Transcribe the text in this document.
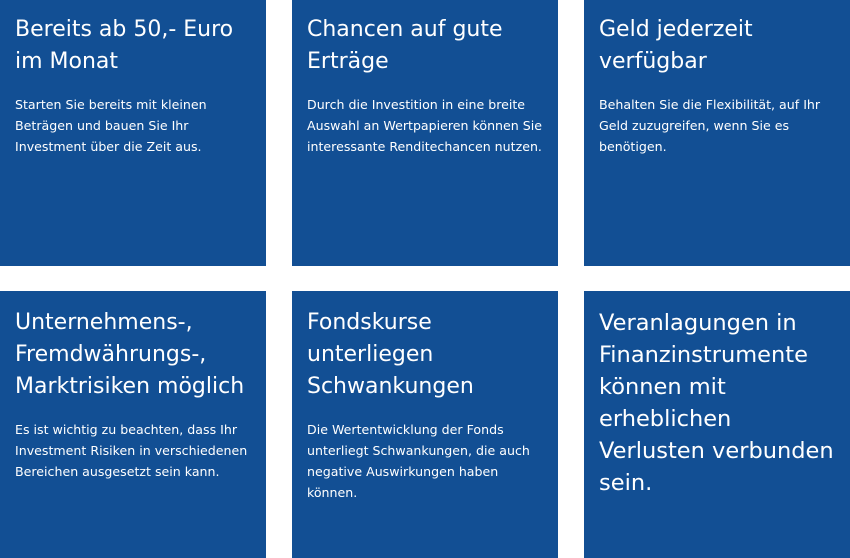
Bereits ab 50,- Euro im Monat

Starten Sie bereits mit kleinen Beträgen und bauen Sie Ihr Investment über die Zeit aus.

Chancen auf gute Erträge

Durch die Investition in eine breite Auswahl an Wertpapieren können Sie interessante Renditechancen nutzen.

Geld jederzeit verfügbar

Behalten Sie die Flexibilität, auf Ihr Geld zuzugreifen, wenn Sie es benötigen.

Unternehmens-, Fremdwährungs-, Marktrisiken möglich

Es ist wichtig zu beachten, dass Ihr Investment Risiken in verschiedenen Bereichen ausgesetzt sein kann.

Fondskurse unterliegen Schwankungen

Die Wertentwicklung der Fonds unterliegt Schwankungen, die auch negative Auswirkungen haben können.

Veranlagungen in Finanzinstrumente können mit erheblichen Verlusten verbunden sein.
